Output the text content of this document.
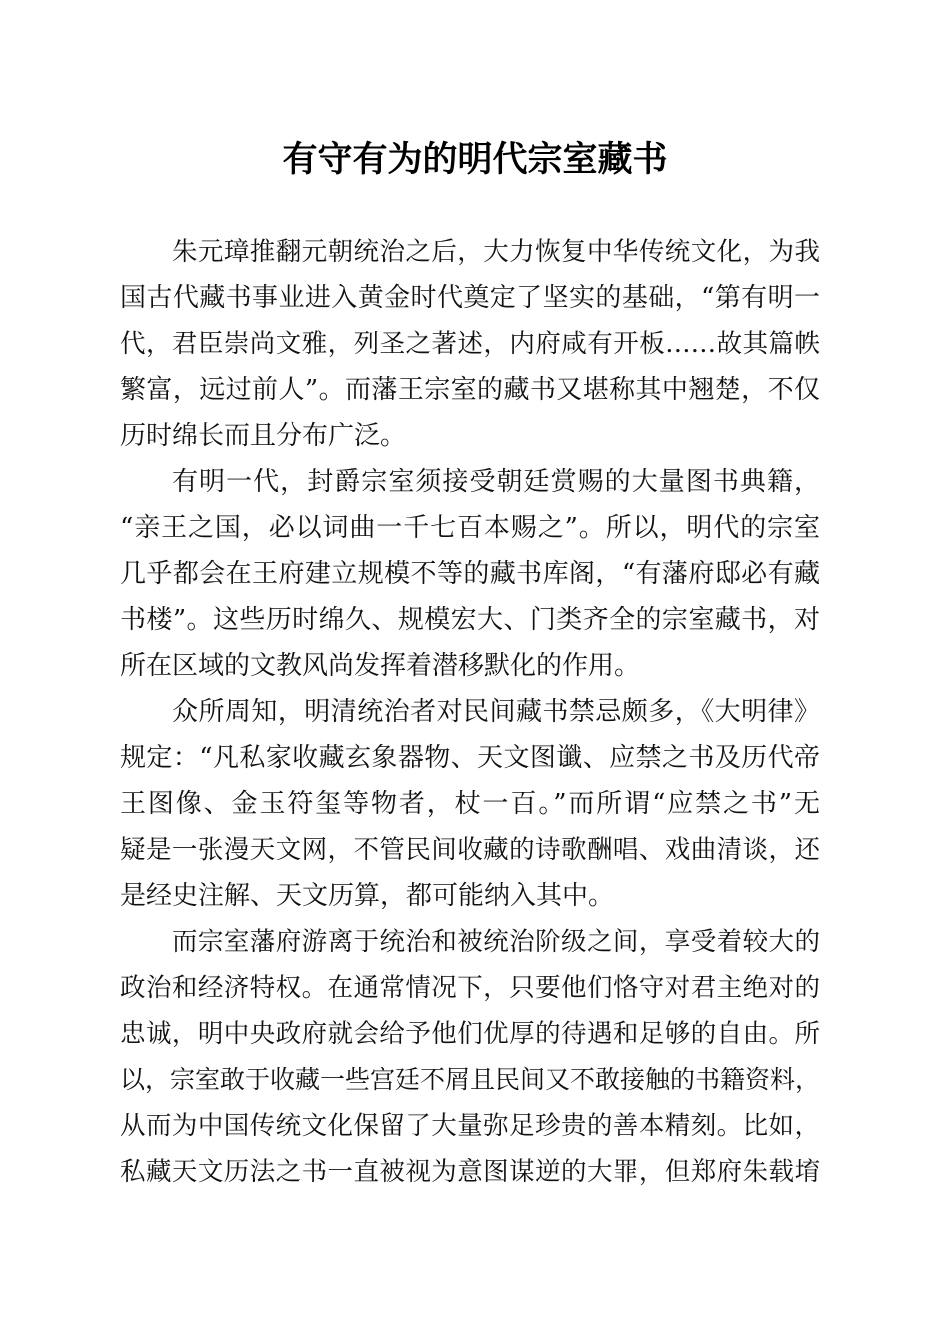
有守有为的明代宗室藏书
朱元璋推翻元朝统治之后，大力恢复中华传统文化，为我
国古代藏书事业进入黄金时代奠定了坚实的基础，“第有明一
代，君臣崇尚文雅，列圣之著述，内府咸有开板……故其篇帙
繁富，远过前人”。而藩王宗室的藏书又堪称其中翘楚，不仅
历时绵长而且分布广泛。
有明一代，封爵宗室须接受朝廷赏赐的大量图书典籍，
“亲王之国，必以词曲一千七百本赐之”。所以，明代的宗室
几乎都会在王府建立规模不等的藏书库阁，“有藩府邸必有藏
书楼”。这些历时绵久、规模宏大、门类齐全的宗室藏书，对
所在区域的文教风尚发挥着潜移默化的作用。
众所周知，明清统治者对民间藏书禁忌颇多，《大明律》
规定：“凡私家收藏玄象器物、天文图谶、应禁之书及历代帝
王图像、金玉符玺等物者，杖一百。”而所谓“应禁之书”无
疑是一张漫天文网，不管民间收藏的诗歌酬唱、戏曲清谈，还
是经史注解、天文历算，都可能纳入其中。
而宗室藩府游离于统治和被统治阶级之间，享受着较大的
政治和经济特权。在通常情况下，只要他们恪守对君主绝对的
忠诚，明中央政府就会给予他们优厚的待遇和足够的自由。所
以，宗室敢于收藏一些宫廷不屑且民间又不敢接触的书籍资料，
从而为中国传统文化保留了大量弥足珍贵的善本精刻。比如，
私藏天文历法之书一直被视为意图谋逆的大罪，但郑府朱载堉
